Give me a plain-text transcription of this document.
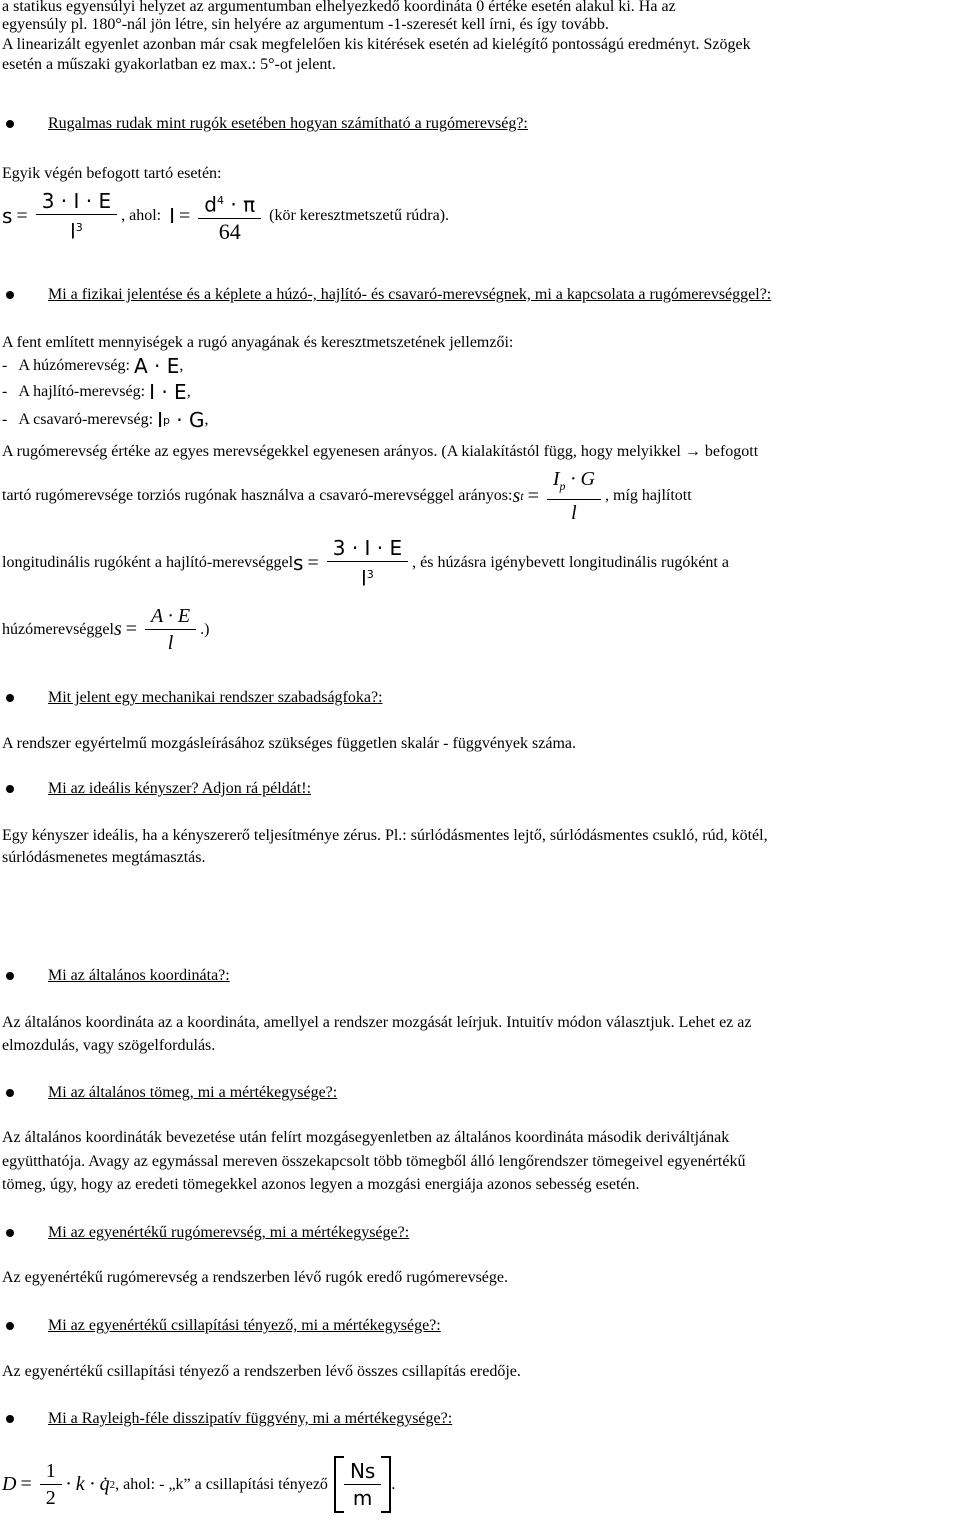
a statikus egyensúlyi helyzet az argumentumban elhelyezkedő koordináta 0 értéke esetén alakul ki. Ha az

egyensúly pl. 180°-nál jön létre, sin helyére az argumentum -1-szeresét kell írni, és így tovább.

A linearizált egyenlet azonban már csak megfelelően kis kitérések esetén ad kielégítő pontosságú eredményt. Szögek

esetén a műszaki gyakorlatban ez max.: 5°-ot jelent.

Rugalmas rudak mint rugók esetében hogyan számítható a rugómerevség?:

Egyik végén befogott tartó esetén:

$s = \frac{3 \cdot I \cdot E}{l^3}$ , ahol: $I = \frac{d^4 \cdot \pi}{64}$ (kör keresztmetszetű rúdra).
Mi a fizikai jelentése és a képlete a húzó-, hajlító- és csavaró-merevségnek, mi a kapcsolata a rugómerevséggel?:

A fent említett mennyiségek a rugó anyagának és keresztmetszetének jellemzői:

-   A húzómerevség: A · E ,
-   A hajlító-merevség: I · E ,
-   A csavaró-merevség: I p · G ,

A rugómerevség értéke az egyes merevségekkel egyenesen arányos. (A kialakítástól függ, hogy melyikkel → befogott

tartó rugómerevsége torziós rugónak használva a csavaró-merevséggel arányos: s $t = \frac{I_p \cdot G}{l}$ , míg hajlított
longitudinális rugóként a hajlító-merevséggel $s = \frac{3 \cdot I \cdot E}{l^3}$ , és húzásra igénybevett longitudinális rugóként a
húzómerevséggel $s = \frac{A \cdot E}{l}$ .)
Mit jelent egy mechanikai rendszer szabadságfoka?:

A rendszer egyértelmű mozgásleírásához szükséges független skalár - függvények száma.

Mi az ideális kényszer? Adjon rá példát!:

Egy kényszer ideális, ha a kényszererő teljesítménye zérus. Pl.: súrlódásmentes lejtő, súrlódásmentes csukló, rúd, kötél,

súrlódásmenetes megtámasztás.

Mi az általános koordináta?:

Az általános koordináta az a koordináta, amellyel a rendszer mozgását leírjuk. Intuitív módon választjuk. Lehet ez az

elmozdulás, vagy szögelfordulás.

Mi az általános tömeg, mi a mértékegysége?:

Az általános koordináták bevezetése után felírt mozgásegyenletben az általános koordináta második deriváltjának

együtthatója. Avagy az egymással mereven összekapcsolt több tömegből álló lengőrendszer tömegeivel egyenértékű

tömeg, úgy, hogy az eredeti tömegekkel azonos legyen a mozgási energiája azonos sebesség esetén.

Mi az egyenértékű rugómerevség, mi a mértékegysége?:

Az egyenértékű rugómerevség a rendszerben lévő rugók eredő rugómerevsége.

Mi az egyenértékű csillapítási tényező, mi a mértékegysége?:

Az egyenértékű csillapítási tényező a rendszerben lévő összes csillapítás eredője.

Mi a Rayleigh-féle disszipatív függvény, mi a mértékegysége?:
$D = \frac{1}{2} \cdot k$ · q̇ 2 , ahol: - „k” a csillapítási tényező $\frac{Ns}{m}$ .
